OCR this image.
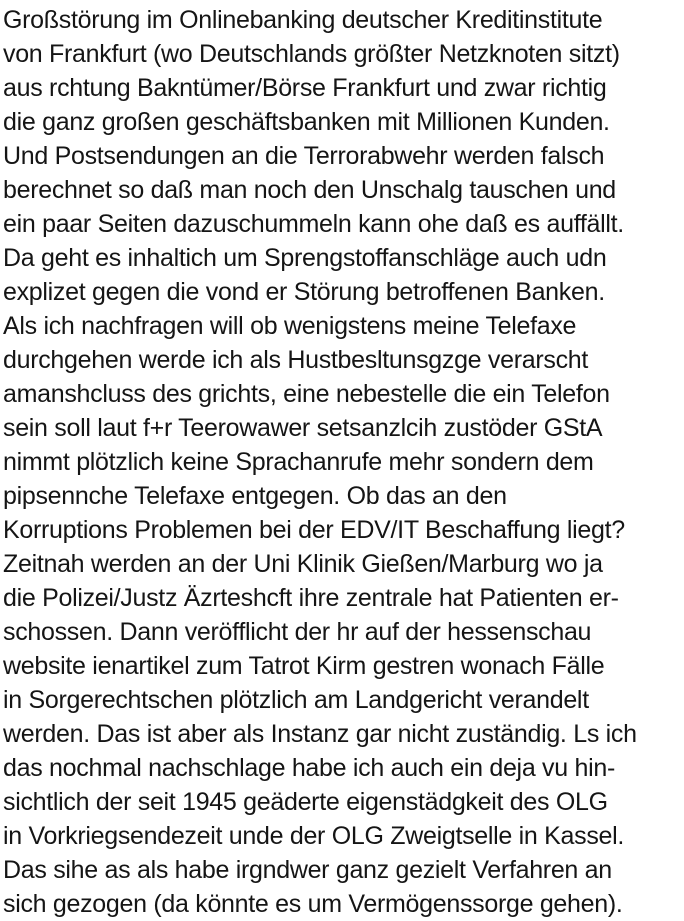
Großstörung im Onlinebanking deutscher Kreditinstitute
von Frankfurt (wo Deutschlands größter Netzknoten sitzt)
aus rchtung Bakntümer/Börse Frankfurt und zwar richtig
die ganz großen geschäftsbanken mit Millionen Kunden.
Und Postsendungen an die Terrorabwehr werden falsch
berechnet so daß man noch den Unschalg tauschen und
ein paar Seiten dazuschummeln kann ohe daß es auffällt.
Da geht es inhaltich um Sprengstoffanschläge auch udn
explizet gegen die vond er Störung betroffenen Banken.
Als ich nachfragen will ob wenigstens meine Telefaxe
durchgehen werde ich als Hustbesltunsgzge verarscht
amanshcluss des grichts, eine nebestelle die ein Telefon
sein soll laut f+r Teerowawer setsanzlcih zustöder GStA
nimmt plötzlich keine Sprachanrufe mehr sondern dem
pipsennche Telefaxe entgegen. Ob das an den
Korruptions Problemen bei der EDV/IT Beschaffung liegt?
Zeitnah werden an der Uni Klinik Gießen/Marburg wo ja
die Polizei/Justz Äzrteshcft ihre zentrale hat Patienten er-
schossen. Dann veröfflicht der hr auf der hessenschau
website ienartikel zum Tatrot Kirm gestren wonach Fälle
in Sorgerechtschen plötzlich am Landgericht verandelt
werden. Das ist aber als Instanz gar nicht zuständig. Ls ich
das nochmal nachschlage habe ich auch ein deja vu hin-
sichtlich der seit 1945 geäderte eigenstädgkeit des OLG
in Vorkriegsendezeit unde der OLG Zweigtselle in Kassel.
Das sihe as als habe irgndwer ganz gezielt Verfahren an
sich gezogen (da könnte es um Vermögenssorge gehen).
